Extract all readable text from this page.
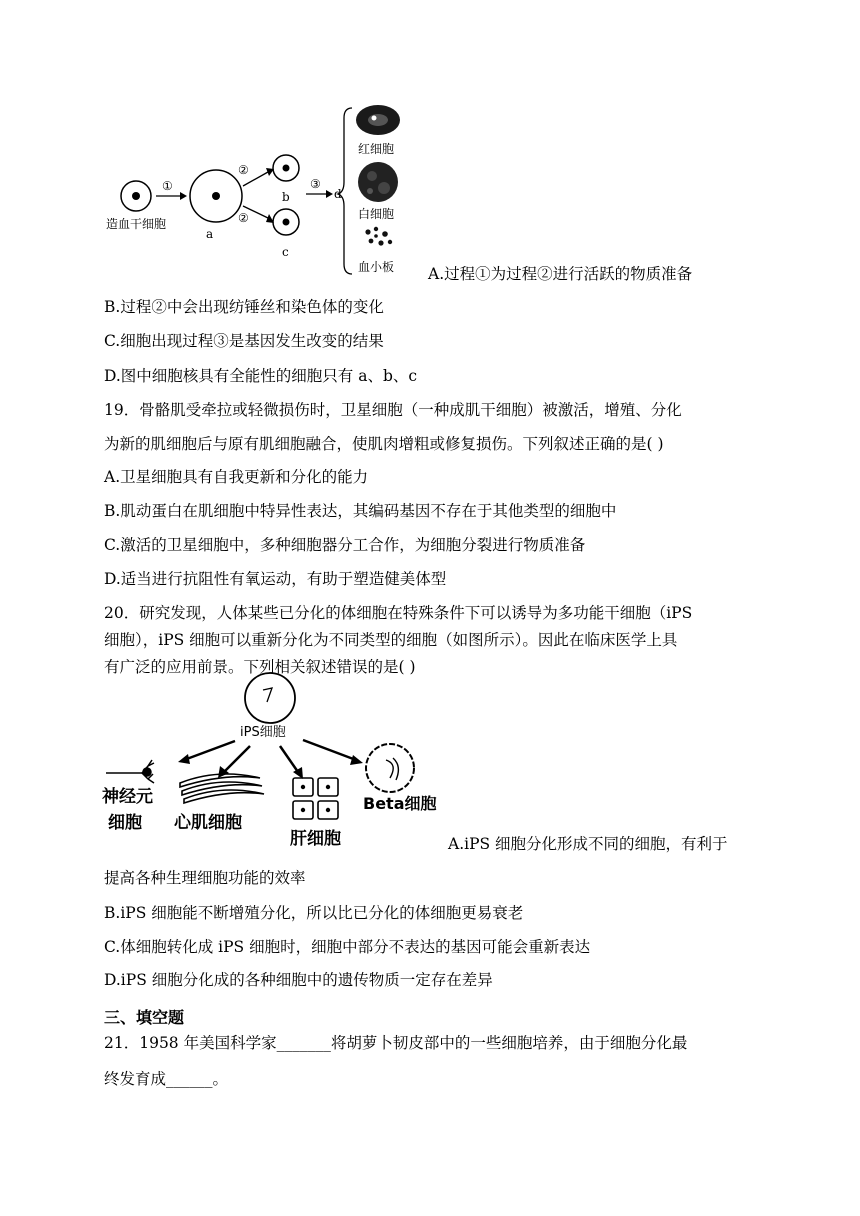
造血干细胞
①
a
②
②
b
c
③
d
红细胞
白细胞
血小板 A.过程①为过程②进行活跃的物质准备
B.过程②中会出现纺锤丝和染色体的变化
C.细胞出现过程③是基因发生改变的结果
D.图中细胞核具有全能性的细胞只有 a、b、c
19．骨骼肌受牵拉或轻微损伤时，卫星细胞（一种成肌干细胞）被激活，增殖、分化
为新的肌细胞后与原有肌细胞融合，使肌肉增粗或修复损伤。下列叙述正确的是( )
A.卫星细胞具有自我更新和分化的能力
B.肌动蛋白在肌细胞中特异性表达，其编码基因不存在于其他类型的细胞中
C.激活的卫星细胞中，多种细胞器分工合作，为细胞分裂进行物质准备
D.适当进行抗阻性有氧运动，有助于塑造健美体型
20．研究发现，人体某些已分化的体细胞在特殊条件下可以诱导为多功能干细胞（iPS
细胞），iPS 细胞可以重新分化为不同类型的细胞（如图所示）。因此在临床医学上具
有广泛的应用前景。下列相关叙述错误的是( )
iPS细胞
神经元
细胞 心肌细胞
肝细胞
Beta细胞
A.iPS 细胞分化形成不同的细胞，有利于
提高各种生理细胞功能的效率
B.iPS 细胞能不断增殖分化，所以比已分化的体细胞更易衰老
C.体细胞转化成 iPS 细胞时，细胞中部分不表达的基因可能会重新表达
D.iPS 细胞分化成的各种细胞中的遗传物质一定存在差异
三、填空题
21．1958 年美国科学家_______将胡萝卜韧皮部中的一些细胞培养，由于细胞分化最
终发育成______。
